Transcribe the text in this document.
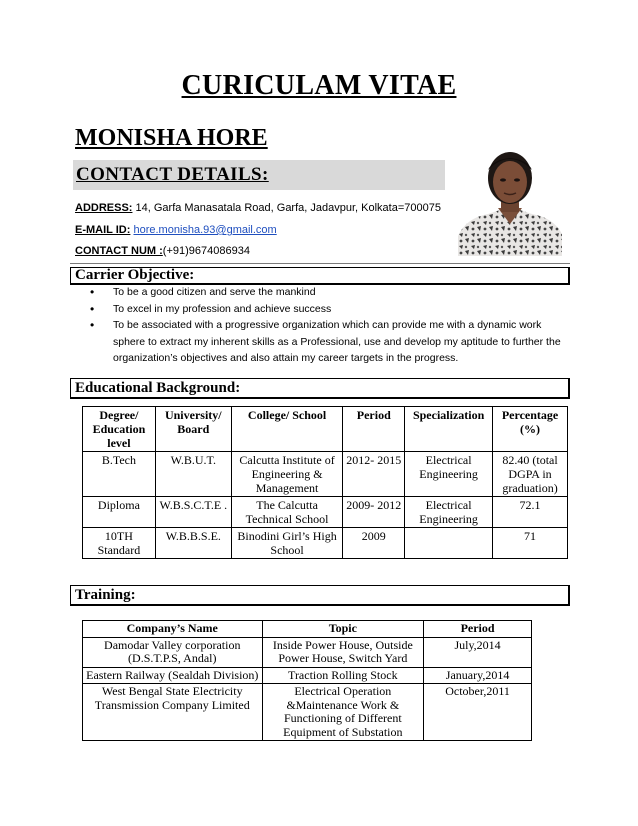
CURICULAM VITAE
MONISHA HORE
CONTACT DETAILS:
ADDRESS: 14, Garfa Manasatala Road, Garfa, Jadavpur, Kolkata=700075
E-MAIL ID: hore.monisha.93@gmail.com
CONTACT NUM :(+91)9674086934
Carrier Objective:
• To be a good citizen and serve the mankind
• To excel in my profession and achieve success
• To be associated with a progressive organization which can provide me with a dynamic work sphere to extract my inherent skills as a Professional, use and develop my aptitude to further the organization’s objectives and also attain my career targets in the progress.
Educational Background:
Degree/ Education level	University/ Board	College/ School	Period	Specialization	Percentage (%)
B.Tech	W.B.U.T.	Calcutta Institute of Engineering & Management	2012- 2015	Electrical Engineering	82.40 (total DGPA in graduation)
Diploma	W.B.S.C.T.E .	The Calcutta Technical School	2009- 2012	Electrical Engineering	72.1
10TH Standard	W.B.B.S.E.	Binodini Girl’s High School	2009		71
Training:
Company’s Name	Topic	Period
Damodar Valley corporation (D.S.T.P.S, Andal)	Inside Power House, Outside Power House, Switch Yard	July,2014
Eastern Railway (Sealdah Division)	Traction Rolling Stock	January,2014
West Bengal State Electricity Transmission Company Limited	Electrical Operation &Maintenance Work & Functioning of Different Equipment of Substation	October,2011
